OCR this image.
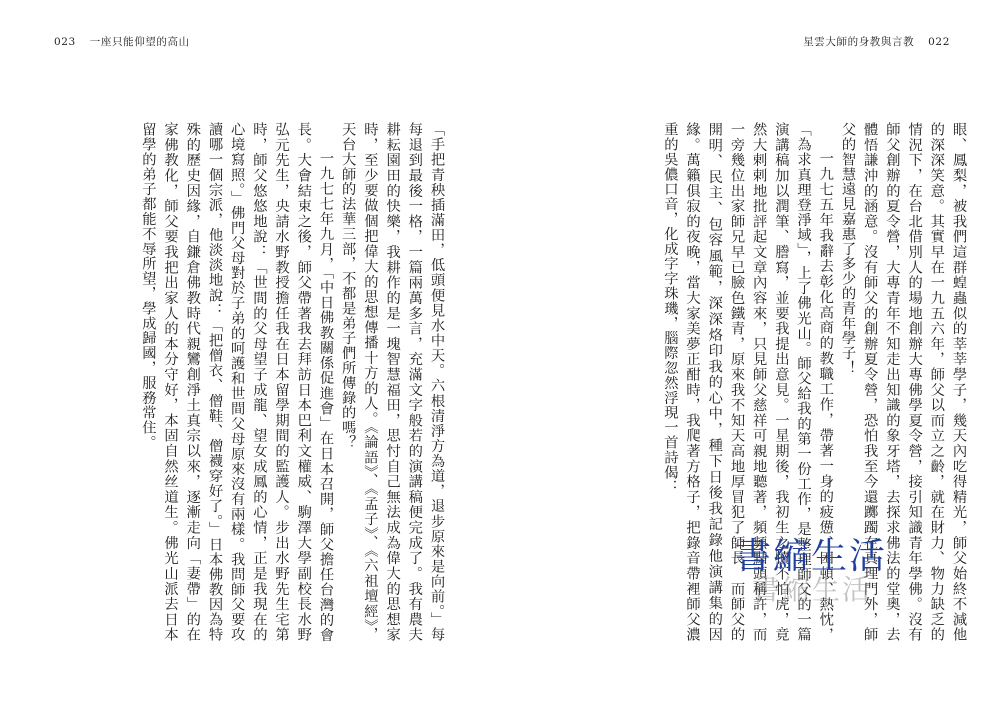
023 一座只能仰望的高山	星雲大師的身教與言教 022

眼、鳳梨，被我們這群蝗蟲似的莘莘學子，幾天內吃得精光，師父始終不減他的深深笑意。其實早在一九五六年，師父以而立之齡，就在財力、物力缺乏的情況下，在台北借別人的場地創辦大專佛學夏令營，接引知識青年學佛。沒有師父創辦的夏令營，大專青年不知走出知識的象牙塔，去探求佛法的堂奧，去體悟謙沖的涵意。沒有師父的創辦夏令營，恐怕我至今還躑躅在真理門外，師父的智慧遠見嘉惠了多少的青年學子！

一九七五年我辭去彰化高商的教職工作，帶著一身的疲憊、困頓、熱忱，「為求真理登淨域」，上了佛光山。師父給我的第一份工作，是整理師父的一篇演講稿加以潤筆、謄寫，並要我提出意見。一星期後，我初生之犢不怕虎，竟然大剌剌地批評起文章內容來，只見師父慈祥可親地聽著，頻頻點頭稱許，而一旁幾位出家師兄早已臉色鐵青，原來我不知天高地厚冒犯了師長，而師父的開明、民主、包容風範，深深烙印我的心中，種下日後我記錄他演講集的因緣。萬籟俱寂的夜晚，當大家美夢正酣時，我爬著方格子，把錄音帶裡師父濃重的吳儂口音，化成字字珠璣，腦際忽然浮現一首詩偈：

「手把青秧插滿田，低頭便見水中天。六根清淨方為道，退步原來是向前。」每每退到最後一格，一篇兩萬多言，充滿文字般若的演講稿便完成了。我有農夫耕耘園田的快樂，我耕作的是一塊智慧福田，思忖自己無法成為偉大的思想家時，至少要做個把偉大的思想傳播十方的人。《論語》、《孟子》、《六祖壇經》，天台大師的法華三部，不都是弟子們所傳錄的嗎？

一九七七年九月，「中日佛教關係促進會」在日本召開，師父擔任台灣的會長。大會結束之後，師父帶著我去拜訪日本巴利文權威、駒澤大學副校長水野弘元先生，央請水野教授擔任我在日本留學期間的監護人。步出水野先生宅第時，師父悠悠地說：「世間的父母望子成龍、望女成鳳的心情，正是我現在的心境寫照。」佛門父母對於子弟的呵護和世間父母原來沒有兩樣。我問師父要攻讀哪一個宗派，他淡淡地說：「把僧衣、僧鞋、僧襪穿好了。」日本佛教因為特殊的歷史因緣，自鎌倉佛教時代親鸞創淨土真宗以來，逐漸走向「妻帶」的在家佛教化，師父要我把出家人的本分守好，本固自然丝道生。佛光山派去日本留學的弟子都能不辱所望，學成歸國，服務常住。

書縮生活
書縮生活
